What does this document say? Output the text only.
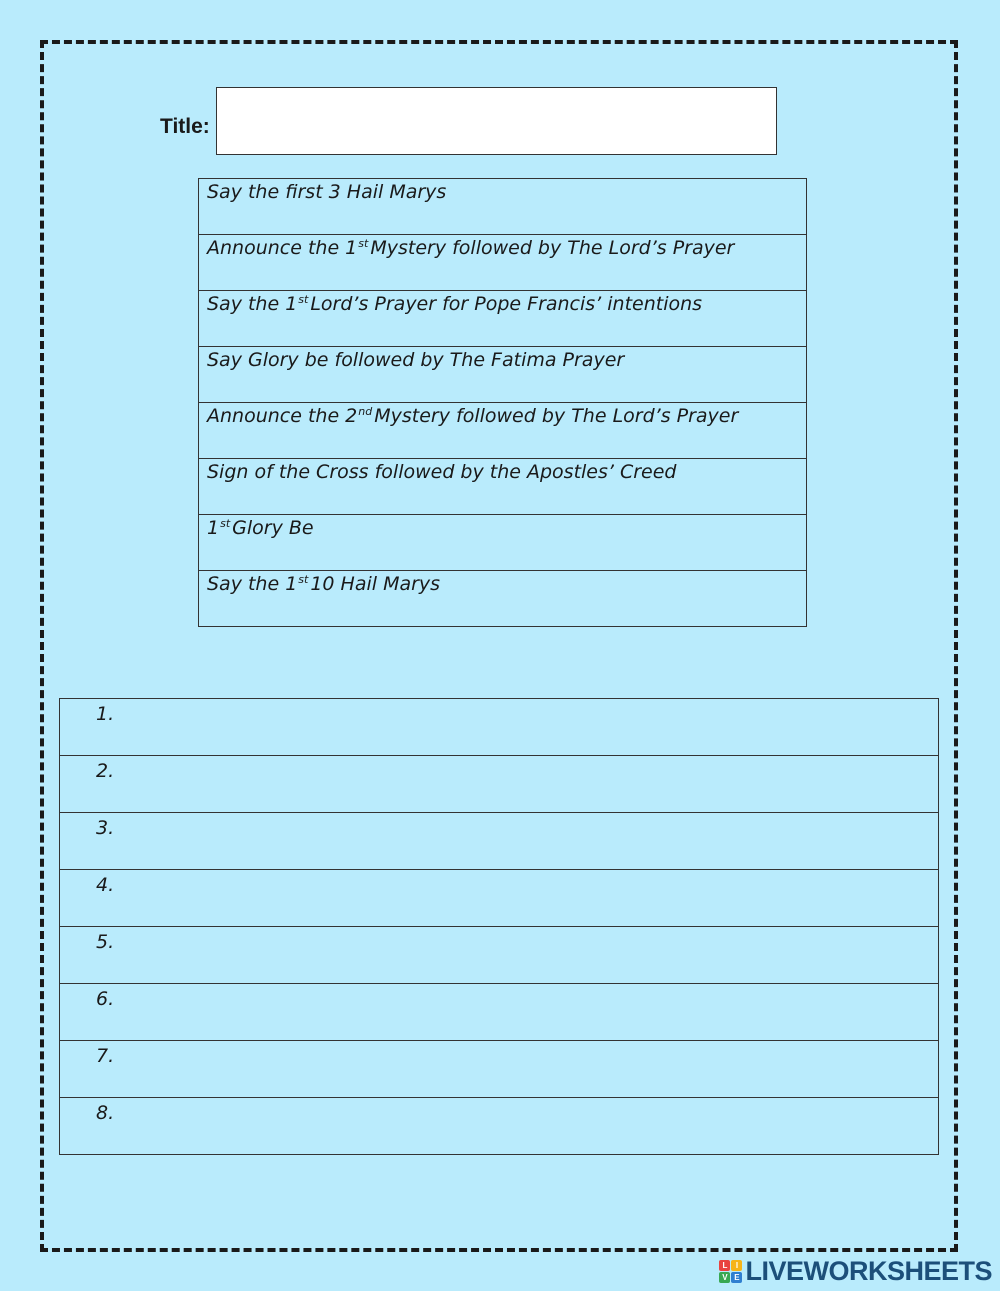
Title:
Say the first 3 Hail Marys
Announce the 1st Mystery followed by The Lord’s Prayer
Say the 1st Lord’s Prayer for Pope Francis’ intentions
Say Glory be followed by The Fatima Prayer
Announce the 2nd Mystery followed by The Lord’s Prayer
Sign of the Cross followed by the Apostles’ Creed
1st Glory Be
Say the 1st 10 Hail Marys
1.
2.
3.
4.
5.
6.
7.
8.
L	I
V E LIVEWORKSHEETS
